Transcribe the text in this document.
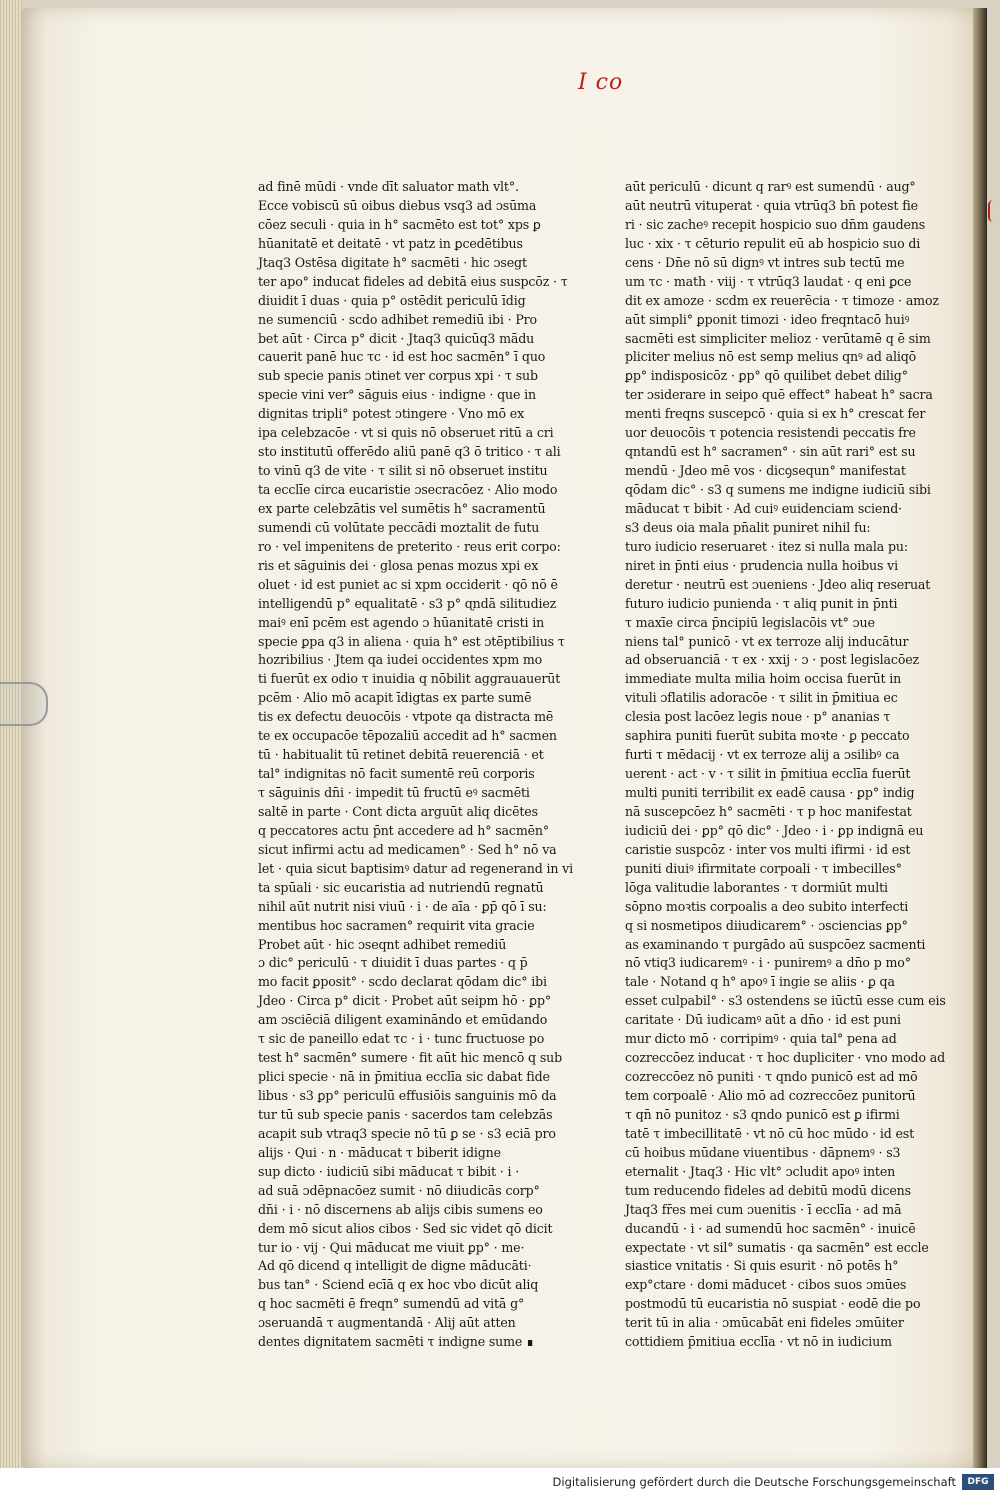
I co
ad finē mūdi · vnde dīt saluator math vlt°.
Ecce vobiscū sū oibus diebus vsq3 ad ɔsūma
cōez seculi · quia in h° sacmēto est tot° xps ꝑ
hūanitatē et deitatē · vt patz in ꝑcedētibus
Jtaq3 Ostēsa digitate h° sacmēti · hic ɔsegt
ter apo° inducat fideles ad debitā eius suspcōz · τ
diuidit ī duas · quia p° ostēdit periculū īdig
ne sumenciū · scdo adhibet remediū ibi · Pro
bet aūt · Circa p° dicit · Jtaq3 quicūq3 mādu
cauerit panē huc τc · id est hoc sacmēn° ī quo
sub specie panis ɔtinet ver corpus xpi · τ sub
specie vini ver° sāguis eius · indigne · que in
dignitas tripli° potest ɔtingere · Vno mō ex
ipa celebzacōe · vt si quis nō obseruet ritū a cri
sto institutū offerēdo aliū panē q3 ō tritico · τ ali
to vinū q3 de vite · τ silit si nō obseruet institu
ta ecclīe circa eucaristie ɔsecracōez · Alio modo
ex parte celebzātis vel sumētis h° sacramentū
sumendi cū volūtate peccādi moztalit de futu
ro · vel impenitens de preterito · reus erit corpo:
ris et sāguinis dei · glosa penas mozus xpi ex
oluet · id est puniet ac si xpm occiderit · qō nō ē
intelligendū p° equalitatē · s3 p° ɋndā silitudiez
maiꝰ enī pcēm est agendo ɔ hūanitatē cristi in
specie ꝑpa q3 in aliena · quia h° est ɔtēptibilius τ
hozribilius · Jtem qa iudei occidentes xpm mo
ti fuerūt ex odio τ inuidia q nōbilit aggrauauerūt
pcēm · Alio mō acapit īdigtas ex parte sumē
tis ex defectu deuocōis · vtpote qa distracta mē
te ex occupacōe tēpozaliū accedit ad h° sacmen
tū · habitualit tū retinet debitā reuerenciā · et
tal° indignitas nō facit sumentē reū corporis
τ sāguinis dn̄i · impedit tū fructū eꝰ sacmēti
saltē in parte · Cont dicta arguūt aliq dicētes
q peccatores actu p̄nt accedere ad h° sacmēn°
sicut infirmi actu ad medicamen° · Sed h° nō va
let · quia sicut baptisimꝰ datur ad regenerand in vi
ta spūali · sic eucaristia ad nutriendū regnatū
nihil aūt nutrit nisi viuū · i · de aīa · ꝑp̄ qō ī su:
mentibus hoc sacramen° requirit vita gracie
Probet aūt · hic ɔseqnt adhibet remediū
ɔ dic° periculū · τ diuidit ī duas partes · q p̄
mo facit ꝑposit° · scdo declarat qōdam dic° ibi
Jdeo · Circa p° dicit · Probet aūt seipm hō · ꝑp°
am ɔsciēciā diligent examināndo et emūdando
τ sic de paneillo edat τc · i · tunc fructuose po
test h° sacmēn° sumere · fit aūt hic mencō q sub
plici specie · nā in p̄mitiua ecclīa sic dabat fide
libus · s3 ꝑp° periculū effusiōis sanguinis mō da
tur tū sub specie panis · sacerdos tam celebzās
acapit sub vtraq3 specie nō tū ꝑ se · s3 eciā pro
alijs · Qui · n · māducat τ biberit idigne
sup dicto · iudiciū sibi māducat τ bibit · i ·
ad suā ɔdēpnacōez sumit · nō diiudicās corp°
dn̄i · i · nō discernens ab alijs cibis sumens eo
dem mō sicut alios cibos · Sed sic videt qō dicit
tur io · vij · Qui māducat me viuit ꝑp° · me·
Ad qō dicend q intelligit de digne māducāti·
bus tan° · Sciend ecīā q ex hoc vbo dicūt aliq
q hoc sacmēti ē freqn° sumendū ad vitā g°
ɔseruandā τ augmentandā · Alij aūt atten
dentes dignitatem sacmēti τ indigne sume ∎
aūt periculū · dicunt q rarꝰ est sumendū · aug°
aūt neutrū vituperat · quia vtrūq3 bn̄ potest fie
ri · sic zacheꝰ recepit hospicio suo dn̄m gaudens
luc · xix · τ cēturio repulit eū ab hospicio suo di
cens · Dn̄e nō sū dignꝰ vt intres sub tectū me
um τc · math · viij · τ vtrūq3 laudat · q eni ꝑce
dit ex amoze · scdm ex reuerēcia · τ timoze · amoz
aūt simpli° ꝑponit timozi · ideo freqntacō huiꝰ
sacmēti est simpliciter melioz · verūtamē q ē sim
pliciter melius nō est semp melius qnꝰ ad aliqō
ꝑp° indisposicōz · ꝑp° qō quilibet debet dilig°
ter ɔsiderare in seipo quē effect° habeat h° sacra
menti freqns suscepcō · quia si ex h° crescat fer
uor deuocōis τ potencia resistendi peccatis fre
qntandū est h° sacramen° · sin aūt rari° est su
mendū · Jdeo mē vos · dicꝯsequn° manifestat
qōdam dic° · s3 q sumens me indigne iudiciū sibi
māducat τ bibit · Ad cuiꝰ euidenciam sciend·
s3 deus oia mala pn̄alit puniret nihil fu:
turo iudicio reseruaret · itez si nulla mala pu:
niret in p̄nti eius · prudencia nulla hoibus vi
deretur · neutrū est ɔueniens · Jdeo aliq reseruat
futuro iudicio punienda · τ aliq punit in p̄nti
τ maxīe circa p̄ncipiū legislacōis vt° ɔue
niens tal° punicō · vt ex terroze alij inducātur
ad obseruanciā · τ ex · xxij · ɔ · post legislacōez
immediate multa milia hoim occisa fuerūt in
vituli ɔflatilis adoracōe · τ silit in p̄mitiua ec
clesia post lacōez legis noue · p° ananias τ
saphira puniti fuerūt subita moꝛte · ꝑ peccato
furti τ mēdacij · vt ex terroze alij a ɔsilibꝰ ca
uerent · act · v · τ silit in p̄mitiua ecclīa fuerūt
multi puniti terribilit ex eadē causa · ꝑp° indig
nā suscepcōez h° sacmēti · τ p hoc manifestat
iudiciū dei · ꝑp° qō dic° · Jdeo · i · ꝑp indignā eu
caristie suspcōz · inter vos multi ifirmi · id est
puniti diuiꝰ ifirmitate corpoali · τ imbecilles°
lōga valitudie laborantes · τ dormiūt multi
sōpno moꝛtis corpoalis a deo subito interfecti
q si nosmetipos diiudicarem° · ɔsciencias ꝑp°
as examinando τ purgādo aū suspcōez sacmenti
nō vtiq3 iudicaremꝰ · i · puniremꝰ a dn̄o p mo°
tale · Notand q h° apoꝰ ī ingie se aliis · ꝑ qa
esset culpabil° · s3 ostendens se iūctū esse cum eis
caritate · Dū iudicamꝰ aūt a dn̄o · id est puni
mur dicto mō · corripimꝰ · quia tal° pena ad
cozreccōez inducat · τ hoc dupliciter · vno modo ad
cozreccōez nō puniti · τ qndo punicō est ad mō
tem corpoalē · Alio mō ad cozreccōez punitorū
τ qn̄ nō punitoz · s3 qndo punicō est ꝑ ifirmi
tatē τ imbecillitatē · vt nō cū hoc mūdo · id est
cū hoibus mūdane viuentibus · dāpnemꝰ · s3
eternalit · Jtaq3 · Hic vlt° ɔcludit apoꝰ inten
tum reducendo fideles ad debitū modū dicens
Jtaq3 fr̄es mei cum ɔuenitis · ī ecclīa · ad mā
ducandū · i · ad sumendū hoc sacmēn° · inuicē
expectate · vt sil° sumatis · qa sacmēn° est eccle
siastice vnitatis · Si quis esurit · nō potēs h°
exp°ctare · domi māducet · cibos suos ɔmūes
postmodū tū eucaristia nō suspiat · eodē die po
terit tū in alia · ɔmūcabāt eni fideles ɔmūiter
cottidiem p̄mitiua ecclīa · vt nō in iudicium
Digitalisierung gefördert durch die Deutsche Forschungsgemeinschaft	DFG
